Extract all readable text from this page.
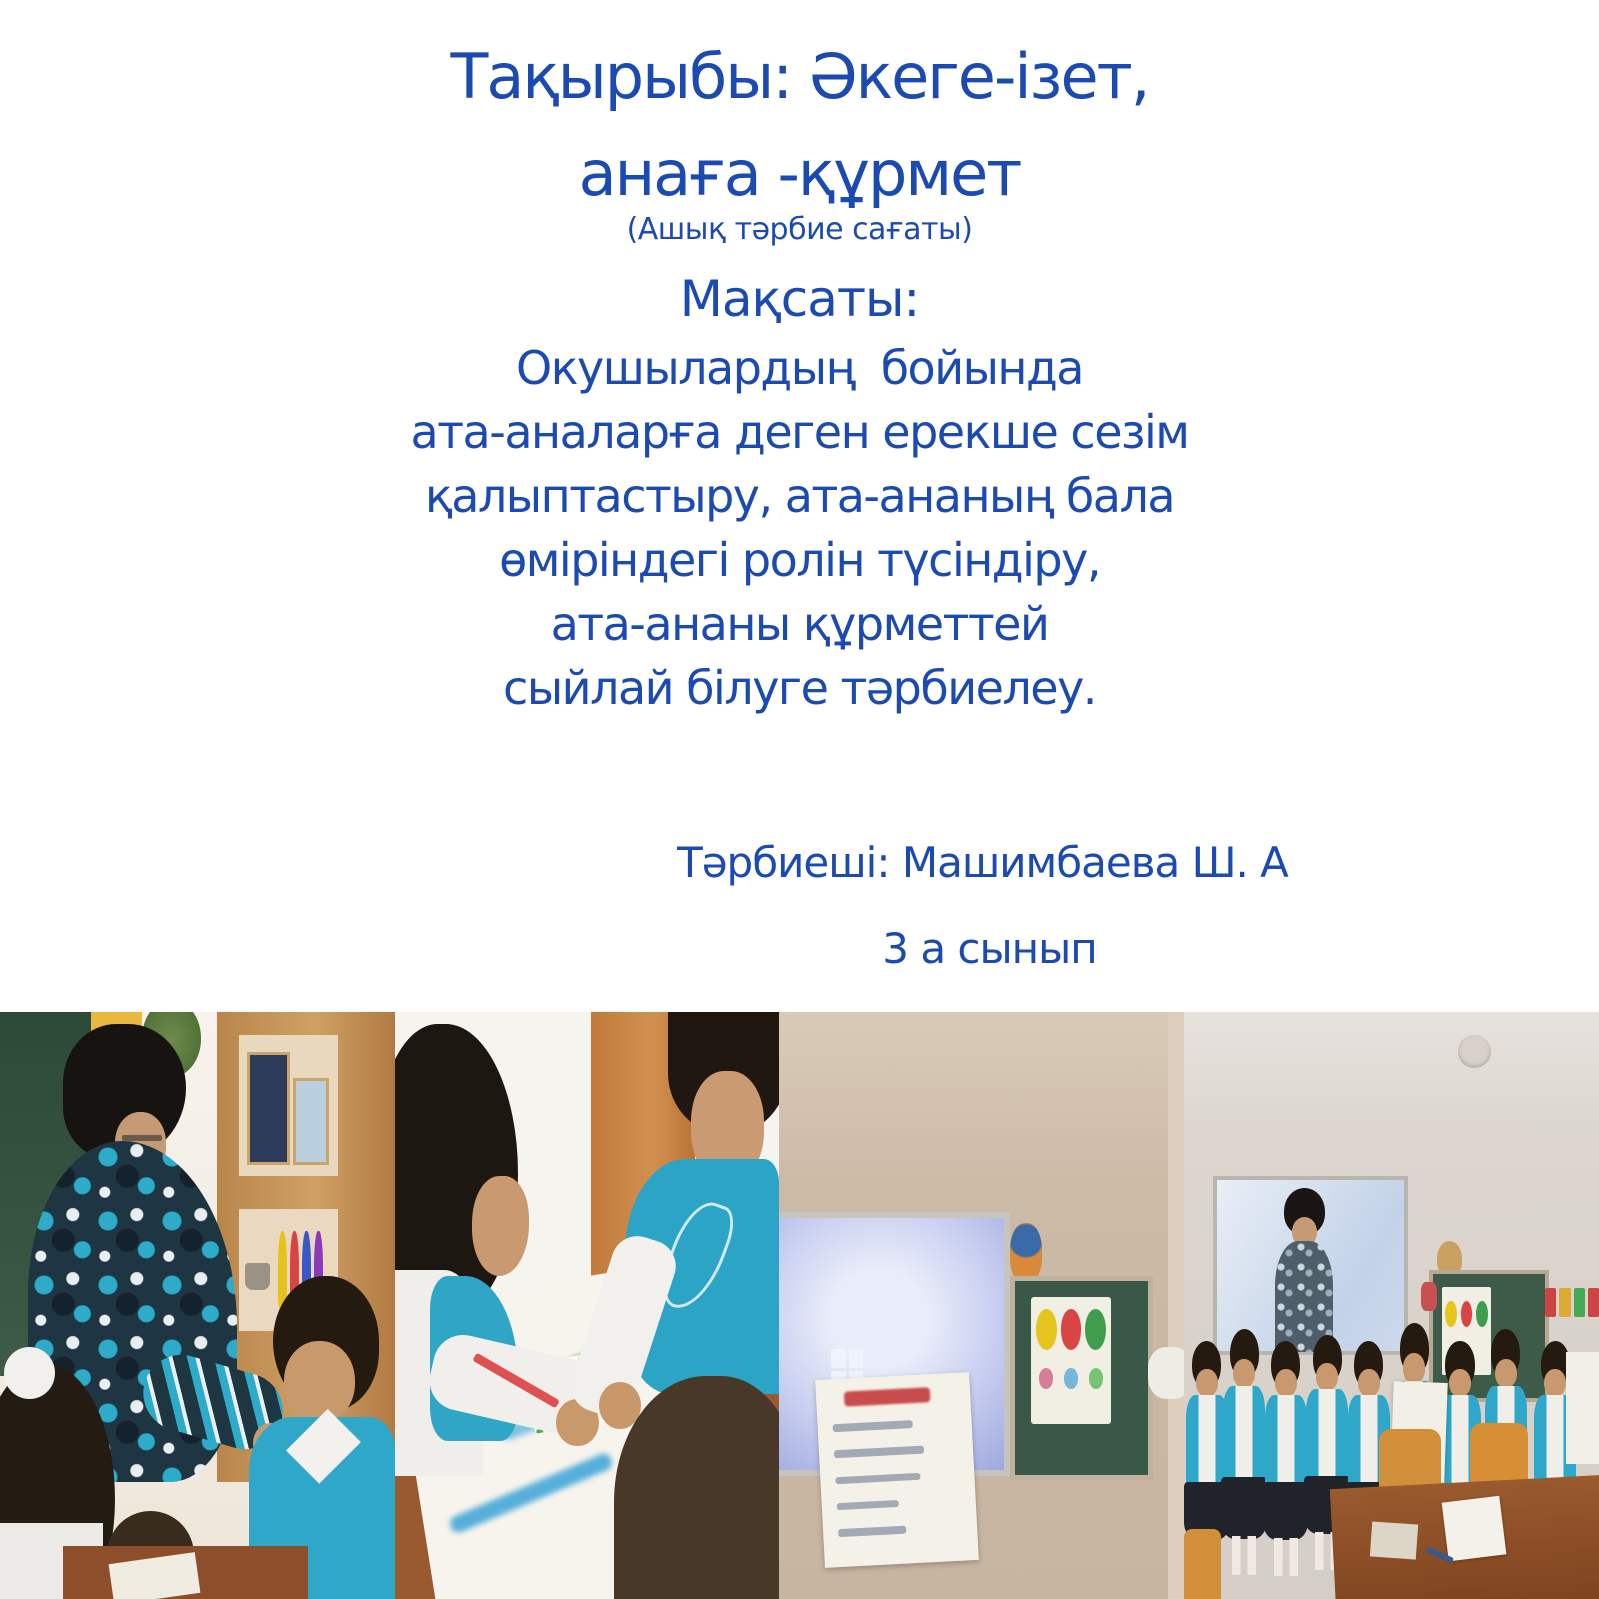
Тақырыбы: Әкеге-ізет,
анаға -құрмет

(Ашық тәрбие сағаты)

Мақсаты:
Окушылардың  бойында
ата-аналарға деген ерекше сезім
қалыптастыру, ата-ананың бала
өміріндегі ролін түсіндіру,
ата-ананы құрметтей
сыйлай білуге тәрбиелеу.

Тәрбиеші: Машимбаева Ш. А

3 а сынып
